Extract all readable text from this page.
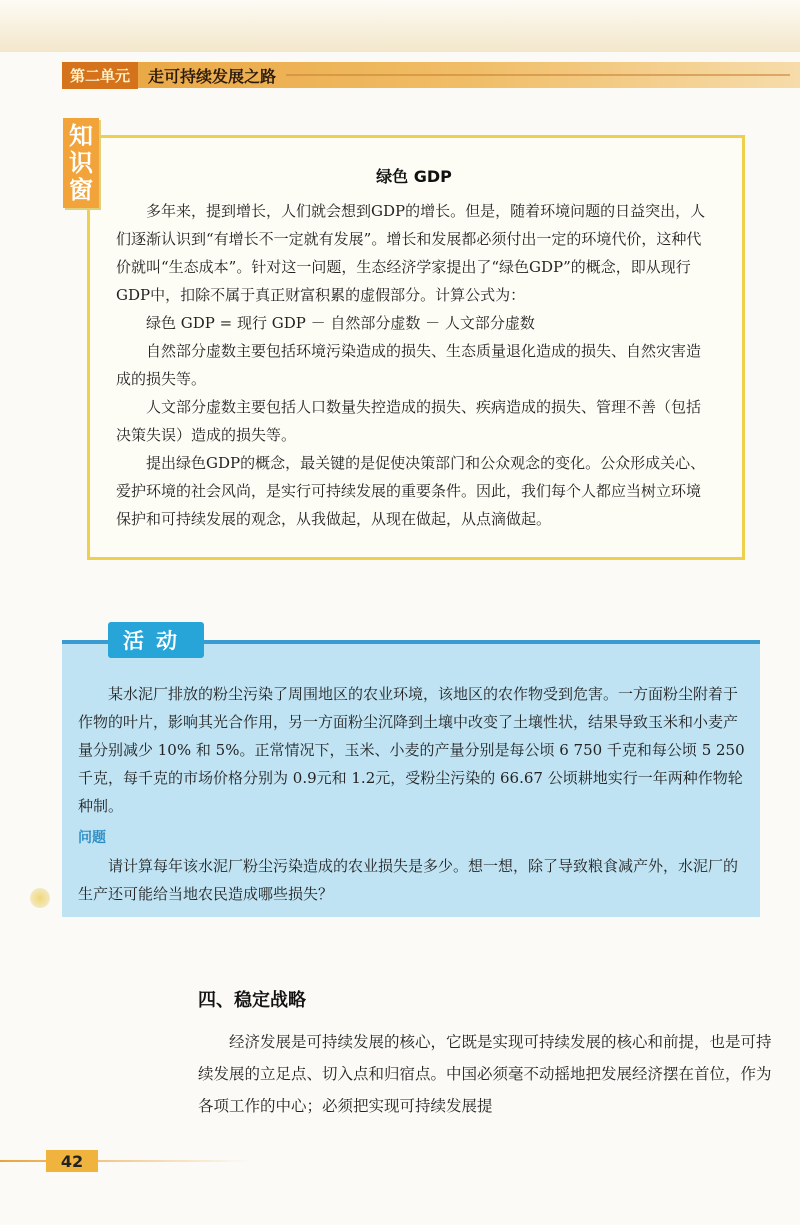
第二单元	走可持续发展之路
绿色 GDP

多年来，提到增长，人们就会想到GDP的增长。但是，随着环境问题的日益突出，人们逐渐认识到“有增长不一定就有发展”。增长和发展都必须付出一定的环境代价，这种代价就叫“生态成本”。针对这一问题，生态经济学家提出了“绿色GDP”的概念，即从现行GDP中，扣除不属于真正财富积累的虚假部分。计算公式为：

绿色 GDP = 现行 GDP － 自然部分虚数 － 人文部分虚数

自然部分虚数主要包括环境污染造成的损失、生态质量退化造成的损失、自然灾害造成的损失等。

人文部分虚数主要包括人口数量失控造成的损失、疾病造成的损失、管理不善（包括决策失误）造成的损失等。

提出绿色GDP的概念，最关键的是促使决策部门和公众观念的变化。公众形成关心、爱护环境的社会风尚，是实行可持续发展的重要条件。因此，我们每个人都应当树立环境保护和可持续发展的观念，从我做起，从现在做起，从点滴做起。

知
识
窗

某水泥厂排放的粉尘污染了周围地区的农业环境，该地区的农作物受到危害。一方面粉尘附着于作物的叶片，影响其光合作用，另一方面粉尘沉降到土壤中改变了土壤性状，结果导致玉米和小麦产量分别减少 10% 和 5%。正常情况下，玉米、小麦的产量分别是每公顷 6 750 千克和每公顷 5 250 千克，每千克的市场价格分别为 0.9元和 1.2元，受粉尘污染的 66.67 公顷耕地实行一年两种作物轮种制。

问题

请计算每年该水泥厂粉尘污染造成的农业损失是多少。想一想，除了导致粮食减产外，水泥厂的生产还可能给当地农民造成哪些损失？

活动
四、稳定战略

经济发展是可持续发展的核心，它既是实现可持续发展的核心和前提，也是可持续发展的立足点、切入点和归宿点。中国必须毫不动摇地把发展经济摆在首位，作为各项工作的中心；必须把实现可持续发展提

42
